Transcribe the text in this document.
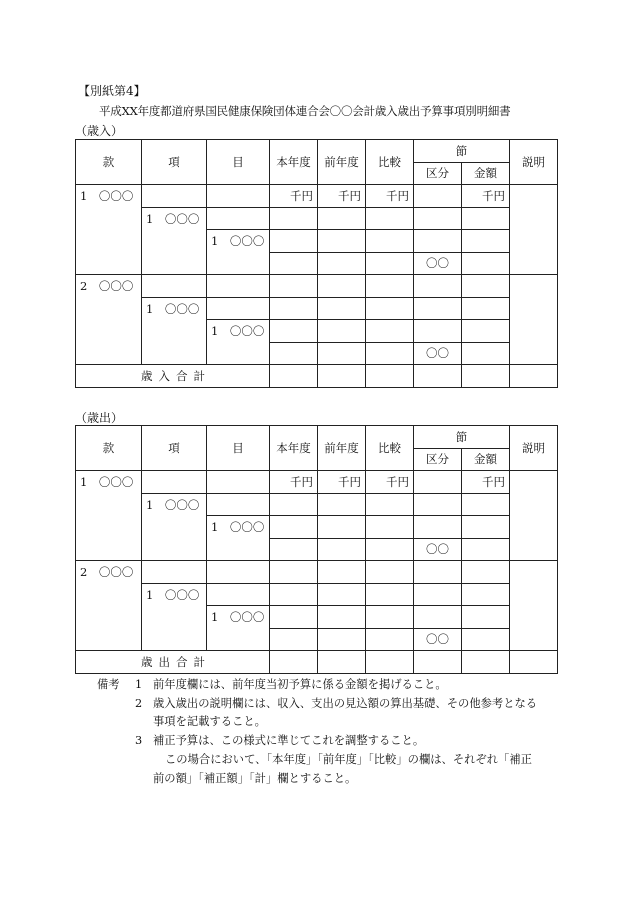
【別紙第4】
平成XX年度都道府県国民健康保険団体連合会〇〇会計歳入歳出予算事項別明細書
（歳入）
款	項	目	本年度	前年度	比較	節		説明
						区分	金額	
1　〇〇〇			千円	千円	千円		千円	
	1　〇〇〇							
		1　〇〇〇						
						〇〇		
2　〇〇〇								
	1　〇〇〇							
		1　〇〇〇						
						〇〇		
歳入合計								
（歳出）
款	項	目	本年度	前年度	比較	節		説明
						区分	金額	
1　〇〇〇			千円	千円	千円		千円	
	1　〇〇〇							
		1　〇〇〇						
						〇〇		
2　〇〇〇								
	1　〇〇〇							
		1　〇〇〇						
						〇〇		
歳出合計								
備考	1 前年度欄には、前年度当初予算に係る金額を掲げること。
2 歳入歳出の説明欄には、収入、支出の見込額の算出基礎、その他参考となる
事項を記載すること。
3 補正予算は、この様式に準じてこれを調整すること。
この場合において、「本年度」「前年度」「比較」の欄は、それぞれ「補正
前の額」「補正額」「計」欄とすること。
